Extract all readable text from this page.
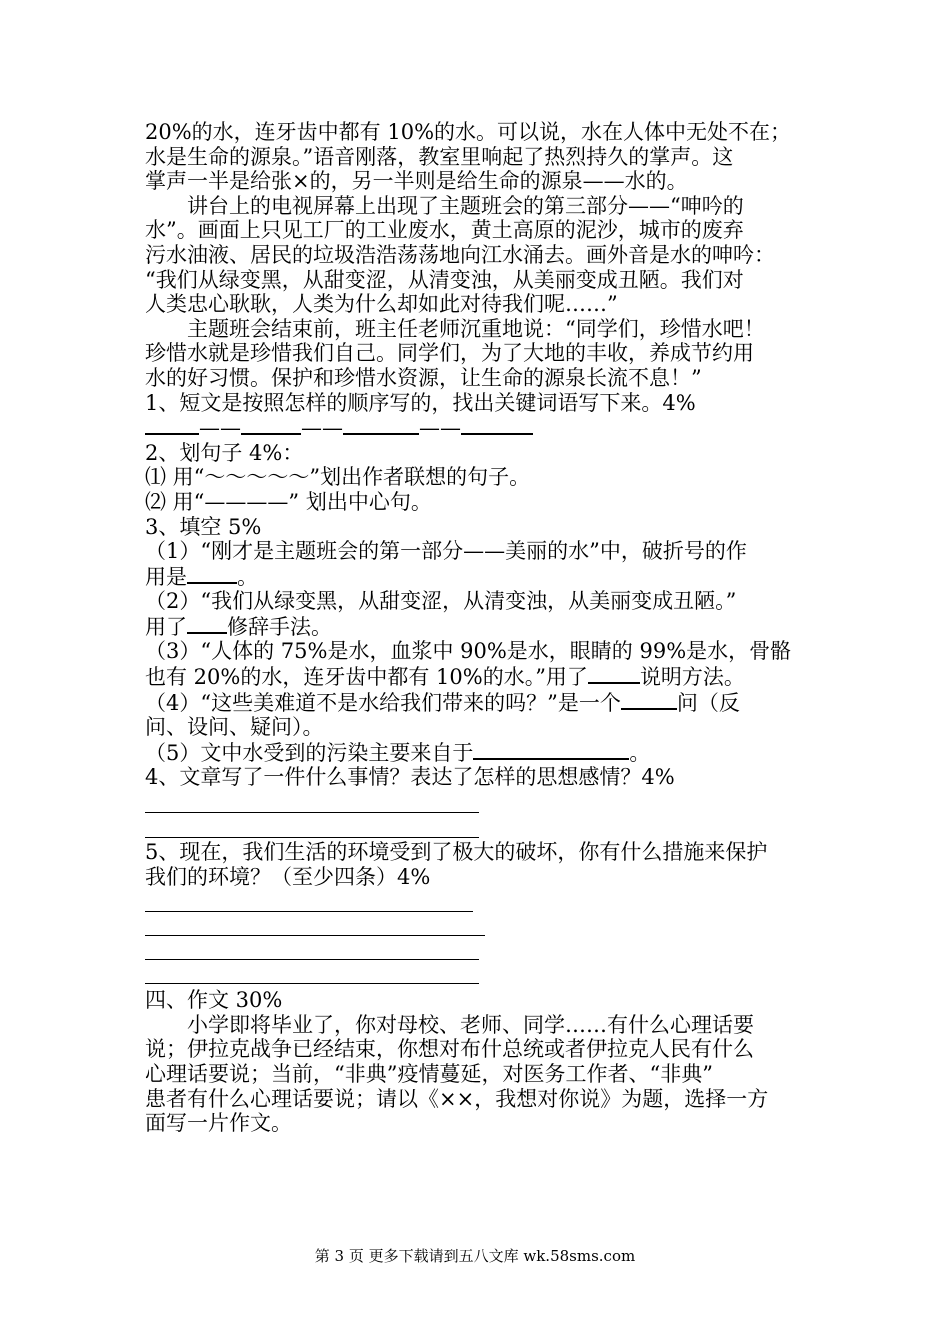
20%的水，连牙齿中都有 10%的水。可以说，水在人体中无处不在；
水是生命的源泉。”语音刚落，教室里响起了热烈持久的掌声。这
掌声一半是给张×的，另一半则是给生命的源泉——水的。
讲台上的电视屏幕上出现了主题班会的第三部分——“呻吟的
水”。画面上只见工厂的工业废水，黄土高原的泥沙，城市的废弃
污水油液、居民的垃圾浩浩荡荡地向江水涌去。画外音是水的呻吟：
“我们从绿变黑，从甜变涩，从清变浊，从美丽变成丑陋。我们对
人类忠心耿耿，人类为什么却如此对待我们呢……”
主题班会结束前，班主任老师沉重地说：“同学们，珍惜水吧！
珍惜水就是珍惜我们自己。同学们，为了大地的丰收，养成节约用
水的好习惯。保护和珍惜水资源，让生命的源泉长流不息！”
1、短文是按照怎样的顺序写的，找出关键词语写下来。4%
——	——	——
2、划句子 4%：
⑴ 用“～～～～～”划出作者联想的句子。
⑵ 用“————” 划出中心句。
3、填空 5%
（1）“刚才是主题班会的第一部分——美丽的水”中，破折号的作
用是 。
（2）“我们从绿变黑，从甜变涩，从清变浊，从美丽变成丑陋。”
用了 修辞手法。
（3）“人体的 75%是水，血浆中 90%是水，眼睛的 99%是水，骨骼
也有 20%的水，连牙齿中都有 10%的水。”用了 说明方法。
（4）“这些美难道不是水给我们带来的吗？”是一个	问（反
问、设问、疑问）。
（5）文中水受到的污染主要来自于	。
4、文章写了一件什么事情？表达了怎样的思想感情？4%
5、现在，我们生活的环境受到了极大的破坏，你有什么措施来保护
我们的环境？（至少四条）4%
四、作文 30%
小学即将毕业了，你对母校、老师、同学……有什么心理话要
说；伊拉克战争已经结束，你想对布什总统或者伊拉克人民有什么
心理话要说；当前，“非典”疫情蔓延，对医务工作者、“非典”
患者有什么心理话要说；请以《××，我想对你说》为题，选择一方
面写一片作文。
第 3 页 更多下载请到五八文库 wk.58sms.com
